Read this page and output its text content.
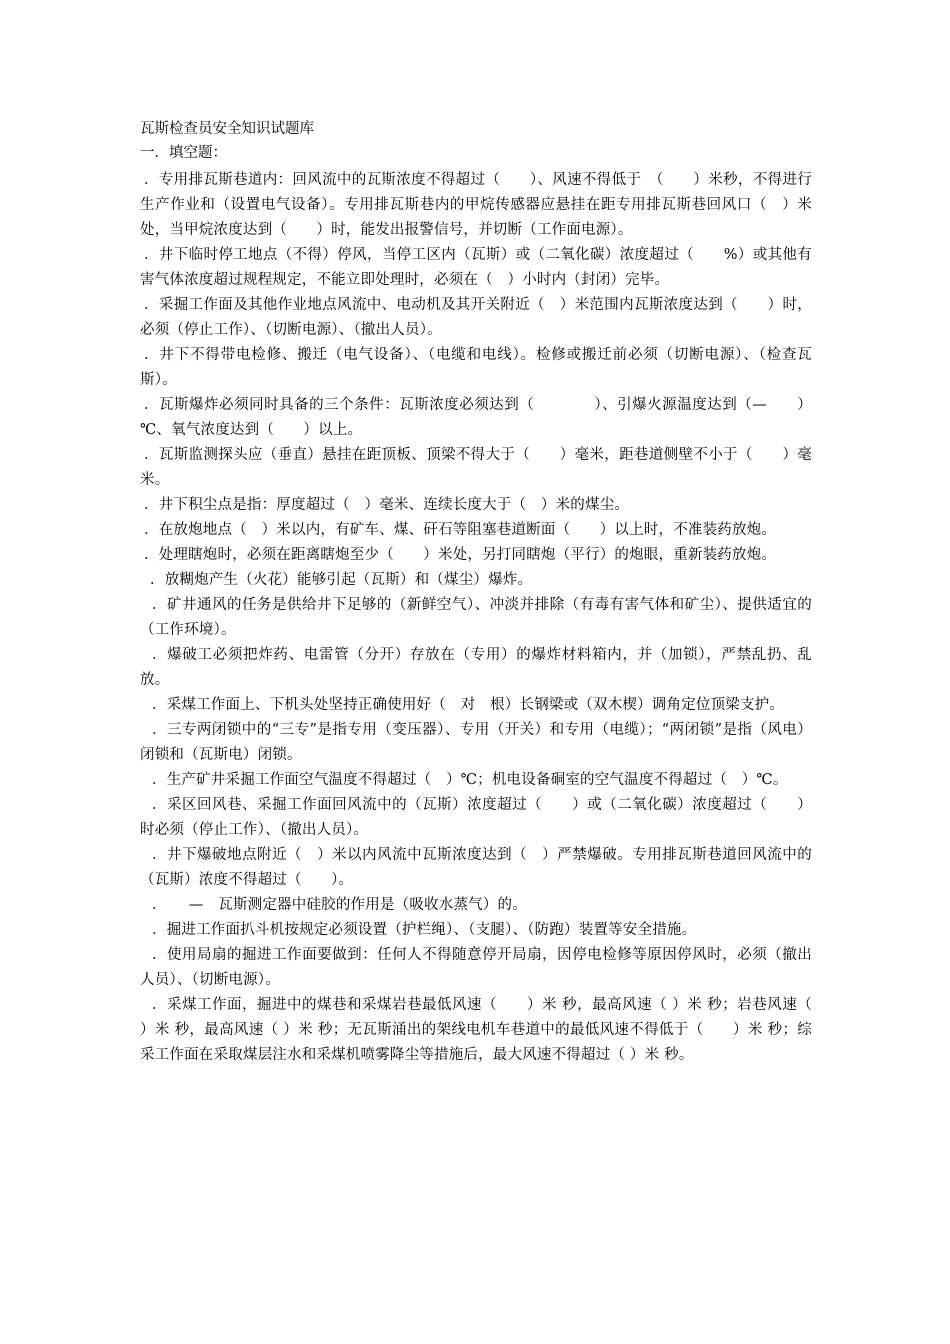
瓦斯检查员安全知识试题库
一．填空题：

．专用排瓦斯巷道内：回风流中的瓦斯浓度不得超过（　　）、风速不得低于　（　　）米秒，不得进行生产作业和（设置电气设备）。专用排瓦斯巷内的甲烷传感器应悬挂在距专用排瓦斯巷回风口（　）米处，当甲烷浓度达到（　　）时，能发出报警信号，并切断（工作面电源）。

．井下临时停工地点（不得）停风，当停工区内（瓦斯）或（二氧化碳）浓度超过（　　%）或其他有害气体浓度超过规程规定，不能立即处理时，必须在（　）小时内（封闭）完毕。

．采掘工作面及其他作业地点风流中、电动机及其开关附近（　）米范围内瓦斯浓度达到（　　）时，必须（停止工作）、（切断电源）、（撤出人员）。

．井下不得带电检修、搬迁（电气设备）、（电缆和电线）。检修或搬迁前必须（切断电源）、（检查瓦斯）。

．瓦斯爆炸必须同时具备的三个条件：瓦斯浓度必须达到（　　　　）、引爆火源温度达到（—　　）℃、氧气浓度达到（　　）以上。

．瓦斯监测探头应（垂直）悬挂在距顶板、顶梁不得大于（　　）毫米，距巷道侧壁不小于（　　）毫米。

．井下积尘点是指：厚度超过（　）毫米、连续长度大于（　）米的煤尘。

．在放炮地点（　）米以内，有矿车、煤、矸石等阻塞巷道断面（　　）以上时，不准装药放炮。

．处理瞎炮时，必须在距离瞎炮至少（　　）米处，另打同瞎炮（平行）的炮眼，重新装药放炮。

．放糊炮产生（火花）能够引起（瓦斯）和（煤尘）爆炸。

．矿井通风的任务是供给井下足够的（新鲜空气）、冲淡并排除（有毒有害气体和矿尘）、提供适宜的（工作环境）。

．爆破工必须把炸药、电雷管（分开）存放在（专用）的爆炸材料箱内，并（加锁），严禁乱扔、乱放。

．采煤工作面上、下机头处坚持正确使用好（　对　根）长钢梁或（双木楔）调角定位顶梁支护。

．三专两闭锁中的“三专”是指专用（变压器）、专用（开关）和专用（电缆）；“两闭锁”是指（风电）闭锁和（瓦斯电）闭锁。

．生产矿井采掘工作面空气温度不得超过（　）℃；机电设备硐室的空气温度不得超过（　）℃。

．采区回风巷、采掘工作面回风流中的（瓦斯）浓度超过（　　）或（二氧化碳）浓度超过（　　）时必须（停止工作）、（撤出人员）。

．井下爆破地点附近（　）米以内风流中瓦斯浓度达到（　）严禁爆破。专用排瓦斯巷道回风流中的（瓦斯）浓度不得超过（　　）。

．　　—　瓦斯测定器中硅胶的作用是（吸收水蒸气）的。

．掘进工作面扒斗机按规定必须设置（护栏绳）、（支腿）、（防跑）装置等安全措施。

．使用局扇的掘进工作面要做到：任何人不得随意停开局扇，因停电检修等原因停风时，必须（撤出人员）、（切断电源）。

．采煤工作面，掘进中的煤巷和采煤岩巷最低风速（　　）米 秒，最高风速（ ）米 秒；岩巷风速（　　）米 秒，最高风速（ ）米 秒；无瓦斯涌出的架线电机车巷道中的最低风速不得低于（　　）米 秒；综采工作面在采取煤层注水和采煤机喷雾降尘等措施后，最大风速不得超过（ ）米 秒。
